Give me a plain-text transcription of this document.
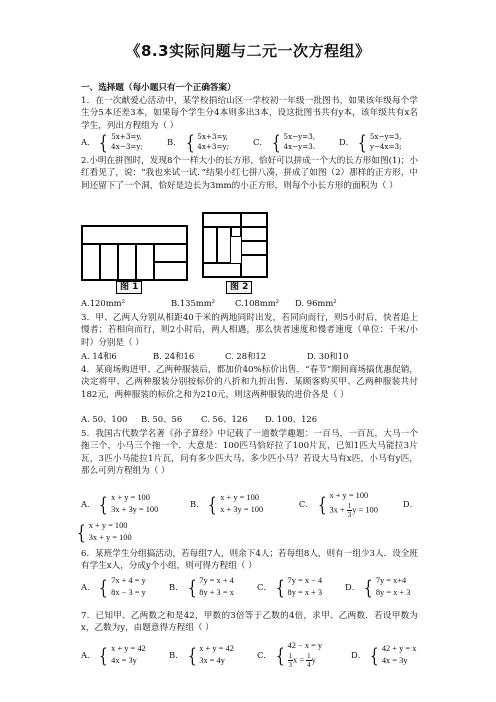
《8.3实际问题与二元一次方程组》
一、选择题（每小题只有一个正确答案）
1．在一次献爱心活动中，某学校捐给山区一学校初一年级一批图书，如果该年级每个学生分5本还差3本，如果每个学生分4本则多出3本，设这批图书共有y本，该年级共有x名学生，列出方程组为（ ）
A． { 5x+3=y,
4x−3=y;	B． { 5x+3=y,
4x+3=y;	C． { 5x−y=3,
4x−y=3.	D． { 5x−y=3,
y−4x=3;
2.小明在拼图时，发现8个一样大小的长方形，恰好可以拼成一个大的长方形如图(1)；小红看见了，说：“我也来试一试．”结果小红七拼八凑，拼成了如图（2）那样的正方形，中间还留下了一个洞，恰好是边长为3mm的小正方形，则每个小长方形的面积为（ ）
图 1	图 2
A.120mm²	B.135mm²	C.108mm²	D. 96mm²
3．甲、乙两人分别从相距40千米的两地同时出发，若同向而行，则5小时后，快者追上慢者；若相向而行，则2小时后，两人相遇，那么快者速度和慢者速度（单位：千米/小时）分别是（ ）
A. 14和6	B. 24和16	C. 28和12	D. 30和10
4．某商场购进甲、乙两种服装后，都加价40%标价出售．“春节”期间商场搞优惠促销，决定将甲、乙两种服装分别按标价的八折和九折出售．某顾客购买甲、乙两种服装共付182元，两种服装的标价之和为210元，则这两种服装的进价各是（ ）
A. 50、100	B. 50、56	C. 56、126	D. 100、126
5．我国古代数学名著《孙子算经》中记载了一道数学趣题：一百马，一百瓦，大马一个拖三个，小马三个拖一个．大意是：100匹马恰好拉了100片瓦，已知1匹大马能拉3片瓦，3匹小马能拉1片瓦，问有多少匹大马、多少匹小马？若设大马有x匹，小马有y匹，那么可列方程组为（ ）
A． { x + y = 100
3x + 3y = 100
B． { x + y = 100
x + 3y = 100
C． { x + y = 100
$3x + \frac{1}{3}$ y = 100
D．
{ x + y = 100
3x + y = 100
6．某班学生分组搞活动，若每组7人，则余下4人；若每组8人，则有一组少3人．设全班有学生x人，分成y个小组，则可得方程组（ ）
A． { 7x + 4 = y
8x − 3 = y
B． { 7y = x + 4
8y + 3 = x
C． { 7y = x − 4
8y = x + 3
D． { 7y = x+4
8y = x + 3
7．已知甲、乙两数之和是42，甲数的3倍等于乙数的4倍，求甲、乙两数．若设甲数为x，乙数为y，由题意得方程组（ ）
A． { x + y = 42
4x = 3y
B． { x + y = 42
3x = 4y
C． { 42 − x = y
$\frac{1}{3}$ $x = \frac{1}{4}$ y
D． { 42 + y = x
4x = 3y
